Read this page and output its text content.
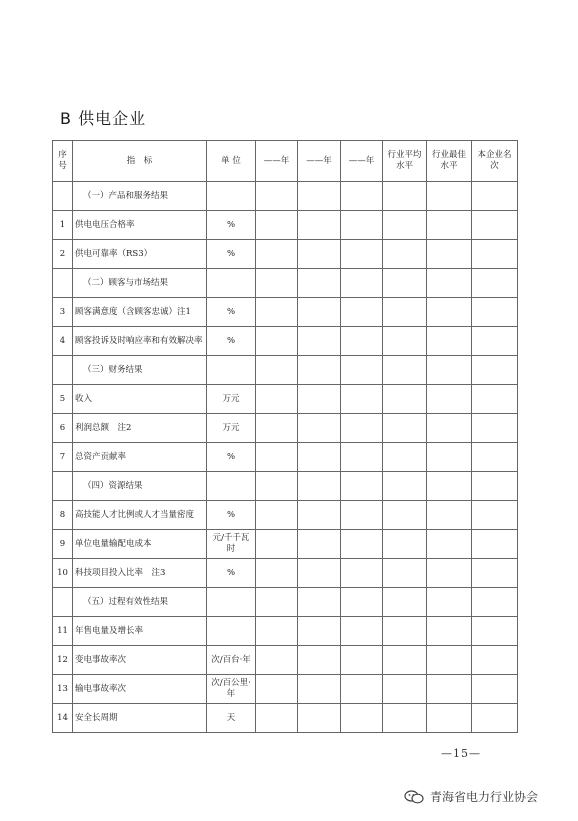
B 供电企业
序号	指　标	单 位	——年	——年	——年	行业平均水平	行业最佳水平	本企业名次
	（一）产品和服务结果							
1	供电电压合格率	%						
2	供电可靠率（RS3）	%						
	（二）顾客与市场结果							
3	顾客满意度（含顾客忠诚）注1	%						
4	顾客投诉及时响应率和有效解决率	%						
	（三）财务结果							
5	收入	万元						
6	利润总额　注2	万元						
7	总资产贡献率	%						
	（四）资源结果							
8	高技能人才比例或人才当量密度	%						
9	单位电量输配电成本	元/千千瓦时						
10	科技项目投入比率　注3	%						
	（五）过程有效性结果							
11	年售电量及增长率							
12	变电事故率次	次/百台·年						
13	输电事故率次	次/百公里·年						
14	安全长周期	天						
—15—
青海省电力行业协会
